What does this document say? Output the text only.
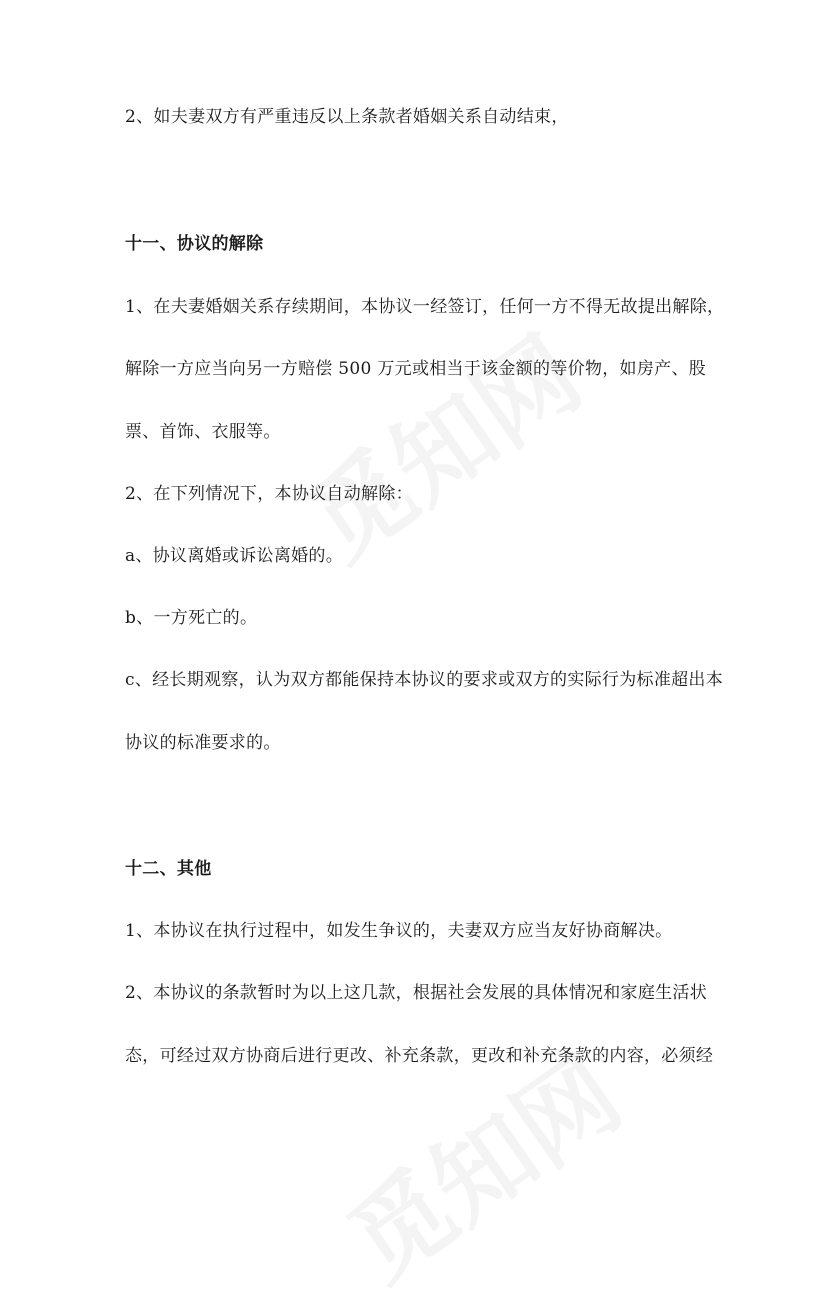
2、如夫妻双方有严重违反以上条款者婚姻关系自动结束，
十一、协议的解除
1、在夫妻婚姻关系存续期间，本协议一经签订，任何一方不得无故提出解除，
解除一方应当向另一方赔偿 500 万元或相当于该金额的等价物，如房产、股
票、首饰、衣服等。
2、在下列情况下，本协议自动解除：
a、协议离婚或诉讼离婚的。
b、一方死亡的。
c、经长期观察，认为双方都能保持本协议的要求或双方的实际行为标准超出本
协议的标准要求的。
十二、其他
1、本协议在执行过程中，如发生争议的，夫妻双方应当友好协商解决。
2、本协议的条款暂时为以上这几款，根据社会发展的具体情况和家庭生活状
态，可经过双方协商后进行更改、补充条款，更改和补充条款的内容，必须经
